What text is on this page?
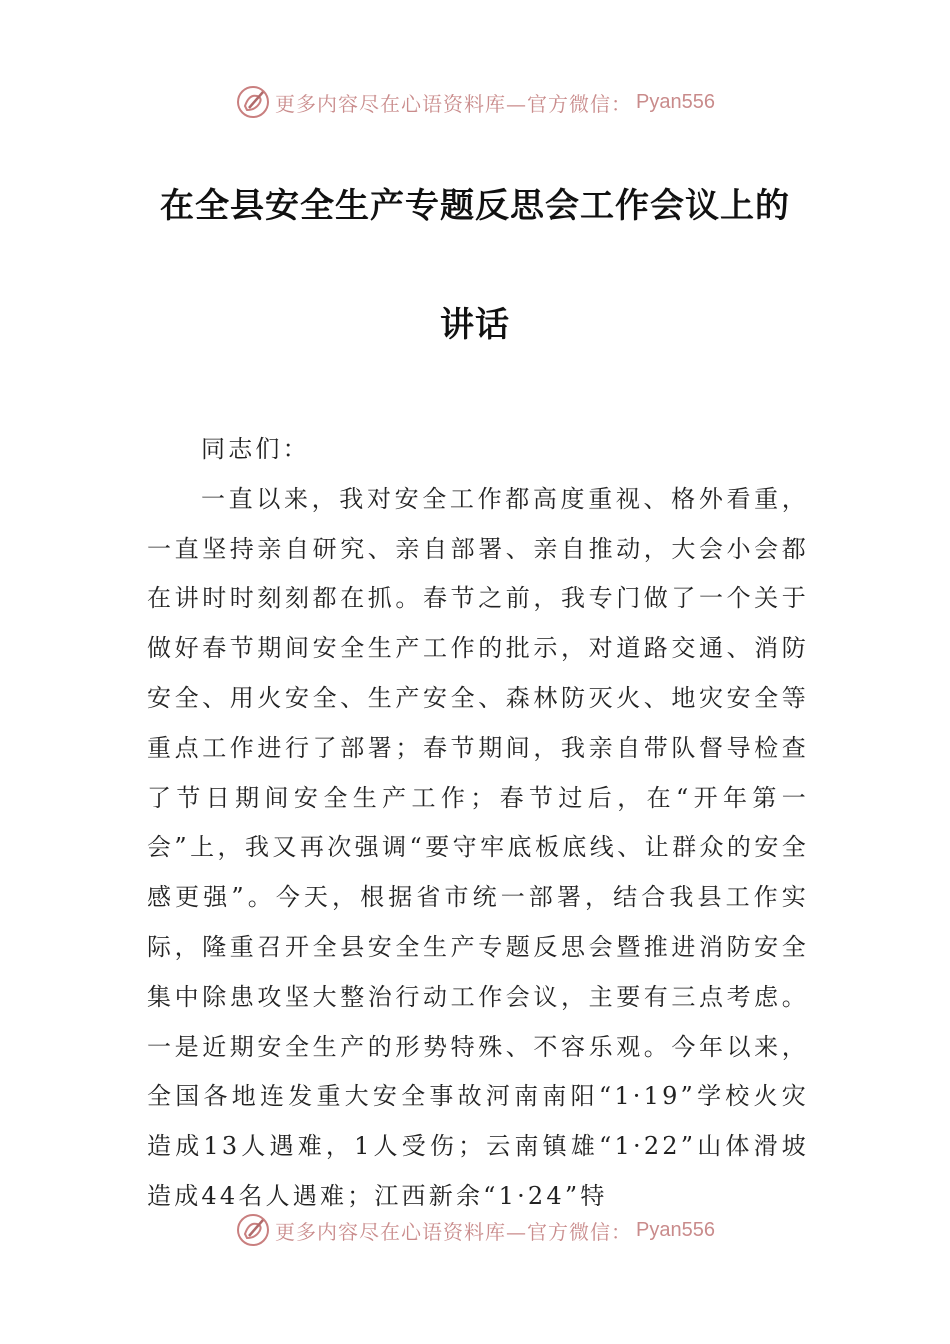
更多内容尽在心语资料库—官方微信： Pyan556
在全县安全生产专题反思会工作会议上的
讲话

同志们：

一直以来，我对安全工作都高度重视、格外看重，一直坚持亲自研究、亲自部署、亲自推动，大会小会都在讲时时刻刻都在抓。春节之前，我专门做了一个关于做好春节期间安全生产工作的批示，对道路交通、消防安全、用火安全、生产安全、森林防灭火、地灾安全等重点工作进行了部署；春节期间，我亲自带队督导检查了节日期间安全生产工作；春节过后，在“开年第一会”上，我又再次强调“要守牢底板底线、让群众的安全感更强”。今天，根据省市统一部署，结合我县工作实际，隆重召开全县安全生产专题反思会暨推进消防安全集中除患攻坚大整治行动工作会议，主要有三点考虑。一是近期安全生产的形势特殊、不容乐观。今年以来，全国各地连发重大安全事故河南南阳“1·19”学校火灾造成13人遇难，1人受伤；云南镇雄“1·22”山体滑坡造成44名人遇难；江西新余“1·24”特

更多内容尽在心语资料库—官方微信： Pyan556
